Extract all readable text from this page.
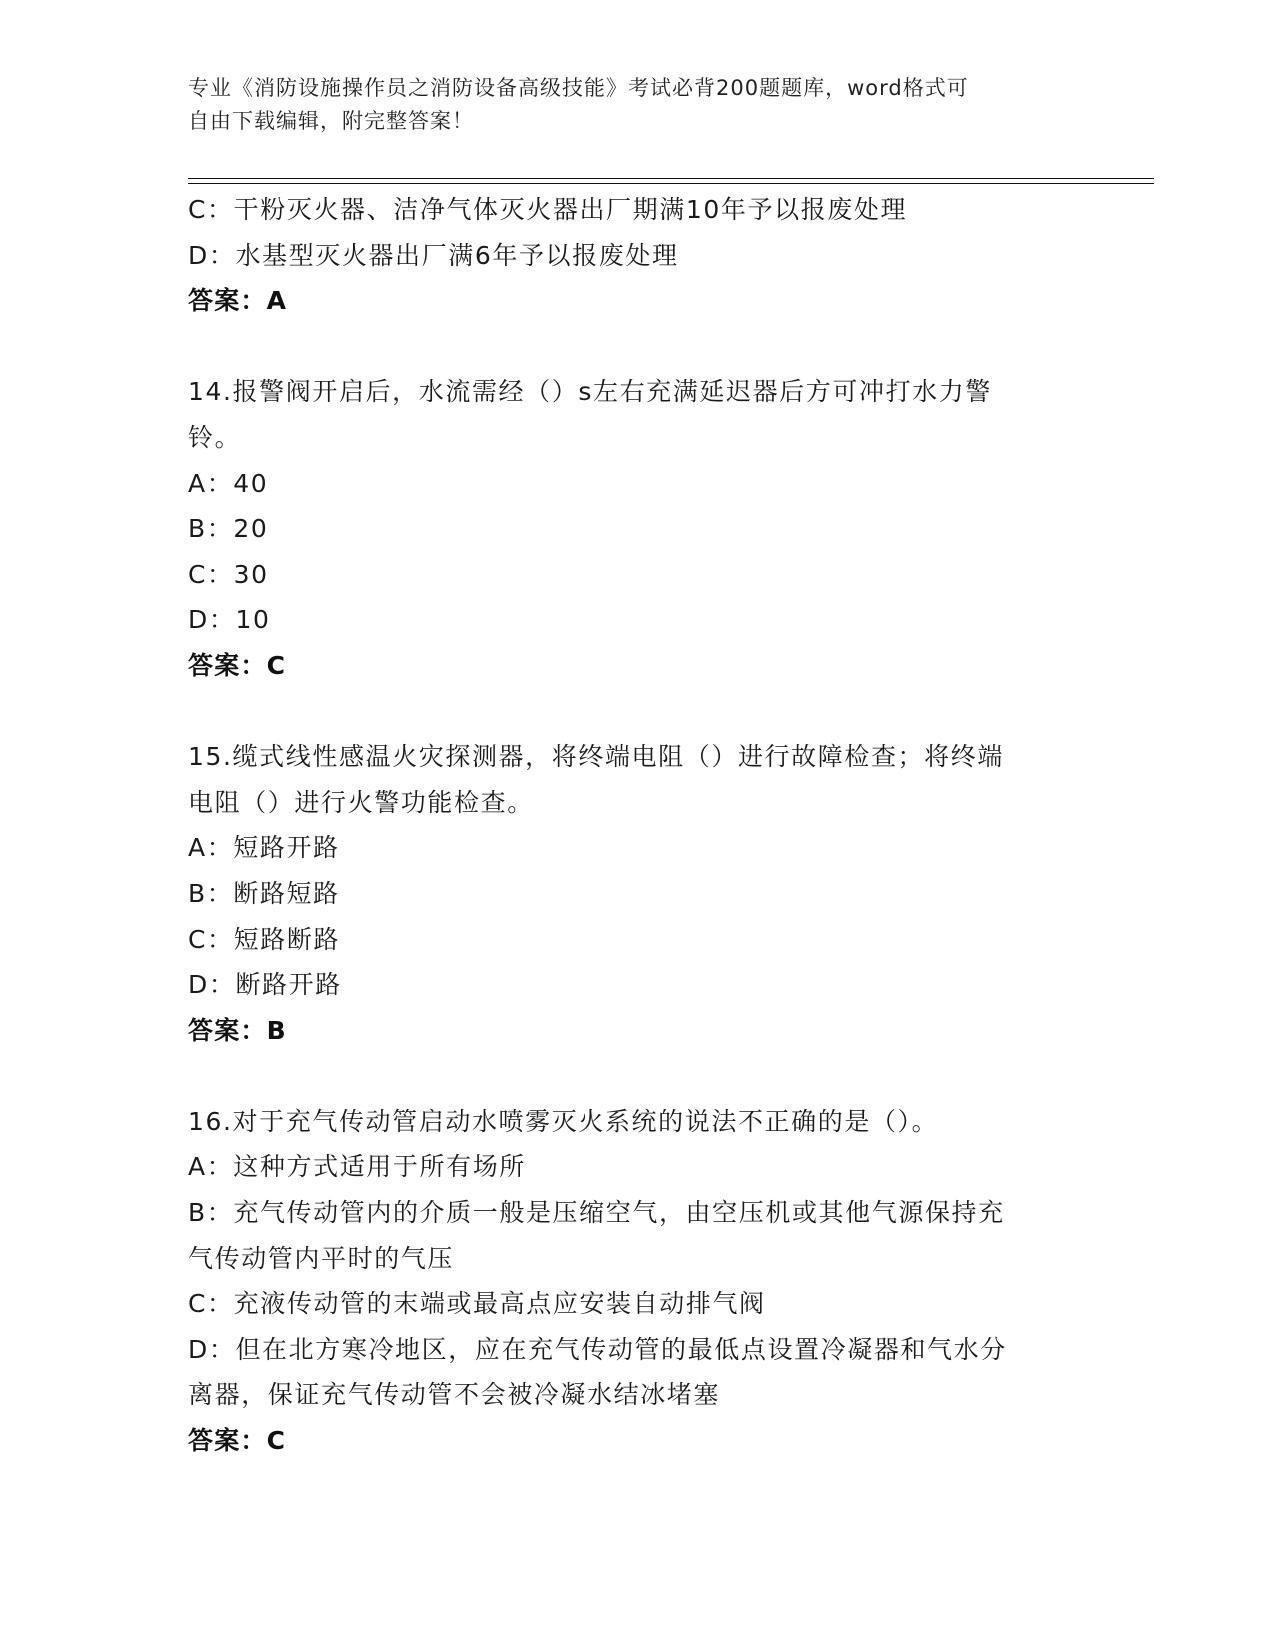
专业《消防设施操作员之消防设备高级技能》考试必背200题题库，word格式可
自由下载编辑，附完整答案！
C：干粉灭火器、洁净气体灭火器出厂期满10年予以报废处理
D：水基型灭火器出厂满6年予以报废处理
答案：A
14.报警阀开启后，水流需经（）s左右充满延迟器后方可冲打水力警
铃。
A：40
B：20
C：30
D：10
答案：C
15.缆式线性感温火灾探测器，将终端电阻（）进行故障检查；将终端
电阻（）进行火警功能检查。
A：短路开路
B：断路短路
C：短路断路
D：断路开路
答案：B
16.对于充气传动管启动水喷雾灭火系统的说法不正确的是（）。
A：这种方式适用于所有场所
B：充气传动管内的介质一般是压缩空气，由空压机或其他气源保持充
气传动管内平时的气压
C：充液传动管的末端或最高点应安装自动排气阀
D：但在北方寒冷地区，应在充气传动管的最低点设置冷凝器和气水分
离器，保证充气传动管不会被冷凝水结冰堵塞
答案：C
